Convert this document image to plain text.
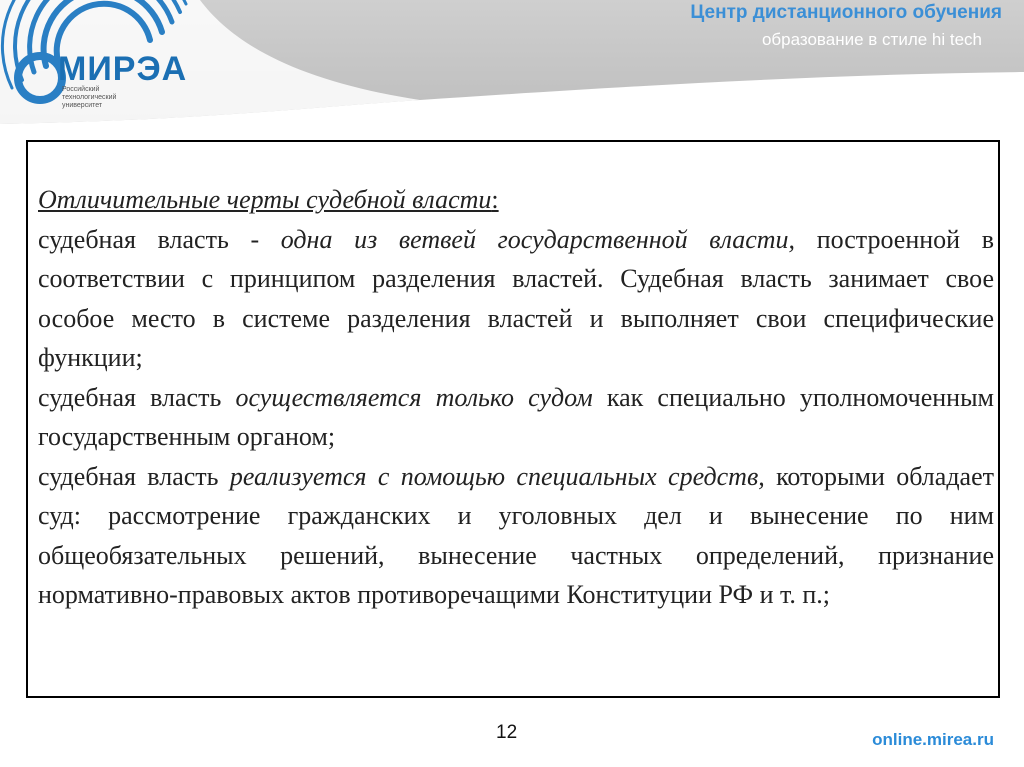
МИРЭА
Российский
технологический
университет
Центр дистанционного обучения
образование в стиле hi tech

Отличительные черты судебной власти:

судебная власть - одна из ветвей государственной власти, построенной в соответствии с принципом разделения властей. Судебная власть занимает свое особое место в системе разделения властей и выполняет свои специфические функции;

судебная власть осуществляется только судом как специально уполномоченным государственным органом;

судебная власть реализуется с помощью специальных средств, которыми обладает суд: рассмотрение гражданских и уголовных дел и вынесение по ним общеобязательных решений, вынесение частных определений, признание нормативно-правовых актов противоречащими Конституции РФ и т. п.;

12	online.mirea.ru
